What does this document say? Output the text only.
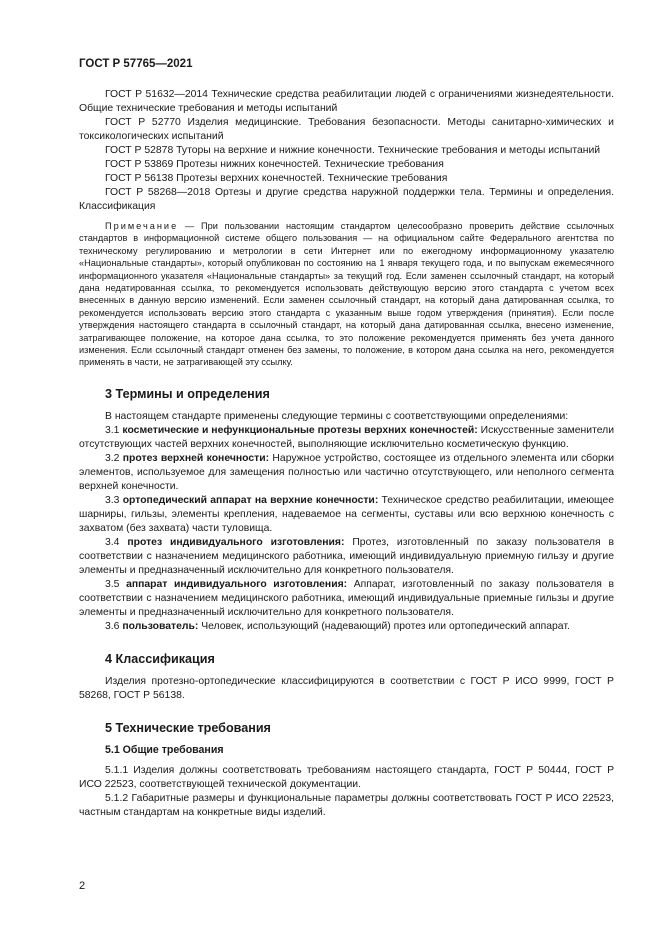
ГОСТ Р 57765—2021

ГОСТ Р 51632—2014 Технические средства реабилитации людей с ограничениями жизнедеятельности. Общие технические требования и методы испытаний

ГОСТ Р 52770 Изделия медицинские. Требования безопасности. Методы санитарно-химических и токсикологических испытаний

ГОСТ Р 52878 Туторы на верхние и нижние конечности. Технические требования и методы испытаний

ГОСТ Р 53869 Протезы нижних конечностей. Технические требования

ГОСТ Р 56138 Протезы верхних конечностей. Технические требования

ГОСТ Р 58268—2018 Ортезы и другие средства наружной поддержки тела. Термины и определения. Классификация

Примечание — При пользовании настоящим стандартом целесообразно проверить действие ссылочных стандартов в информационной системе общего пользования — на официальном сайте Федерального агентства по техническому регулированию и метрологии в сети Интернет или по ежегодному информационному указателю «Национальные стандарты», который опубликован по состоянию на 1 января текущего года, и по выпускам ежемесячного информационного указателя «Национальные стандарты» за текущий год. Если заменен ссылочный стандарт, на который дана недатированная ссылка, то рекомендуется использовать действующую версию этого стандарта с учетом всех внесенных в данную версию изменений. Если заменен ссылочный стандарт, на который дана датированная ссылка, то рекомендуется использовать версию этого стандарта с указанным выше годом утверждения (принятия). Если после утверждения настоящего стандарта в ссылочный стандарт, на который дана датированная ссылка, внесено изменение, затрагивающее положение, на которое дана ссылка, то это положение рекомендуется применять без учета данного изменения. Если ссылочный стандарт отменен без замены, то положение, в котором дана ссылка на него, рекомендуется применять в части, не затрагивающей эту ссылку.
3 Термины и определения

В настоящем стандарте применены следующие термины с соответствующими определениями:

3.1 косметические и нефункциональные протезы верхних конечностей: Искусственные заменители отсутствующих частей верхних конечностей, выполняющие исключительно косметическую функцию.

3.2 протез верхней конечности: Наружное устройство, состоящее из отдельного элемента или сборки элементов, используемое для замещения полностью или частично отсутствующего, или неполного сегмента верхней конечности.

3.3 ортопедический аппарат на верхние конечности: Техническое средство реабилитации, имеющее шарниры, гильзы, элементы крепления, надеваемое на сегменты, суставы или всю верхнюю конечность с захватом (без захвата) части туловища.

3.4 протез индивидуального изготовления: Протез, изготовленный по заказу пользователя в соответствии с назначением медицинского работника, имеющий индивидуальную приемную гильзу и другие элементы и предназначенный исключительно для конкретного пользователя.

3.5 аппарат индивидуального изготовления: Аппарат, изготовленный по заказу пользователя в соответствии с назначением медицинского работника, имеющий индивидуальные приемные гильзы и другие элементы и предназначенный исключительно для конкретного пользователя.

3.6 пользователь: Человек, использующий (надевающий) протез или ортопедический аппарат.

4 Классификация

Изделия протезно-ортопедические классифицируются в соответствии с ГОСТ Р ИСО 9999, ГОСТ Р 58268, ГОСТ Р 56138.

5 Технические требования
5.1 Общие требования

5.1.1 Изделия должны соответствовать требованиям настоящего стандарта, ГОСТ Р 50444, ГОСТ Р ИСО 22523, соответствующей технической документации.

5.1.2 Габаритные размеры и функциональные параметры должны соответствовать ГОСТ Р ИСО 22523, частным стандартам на конкретные виды изделий.

2
